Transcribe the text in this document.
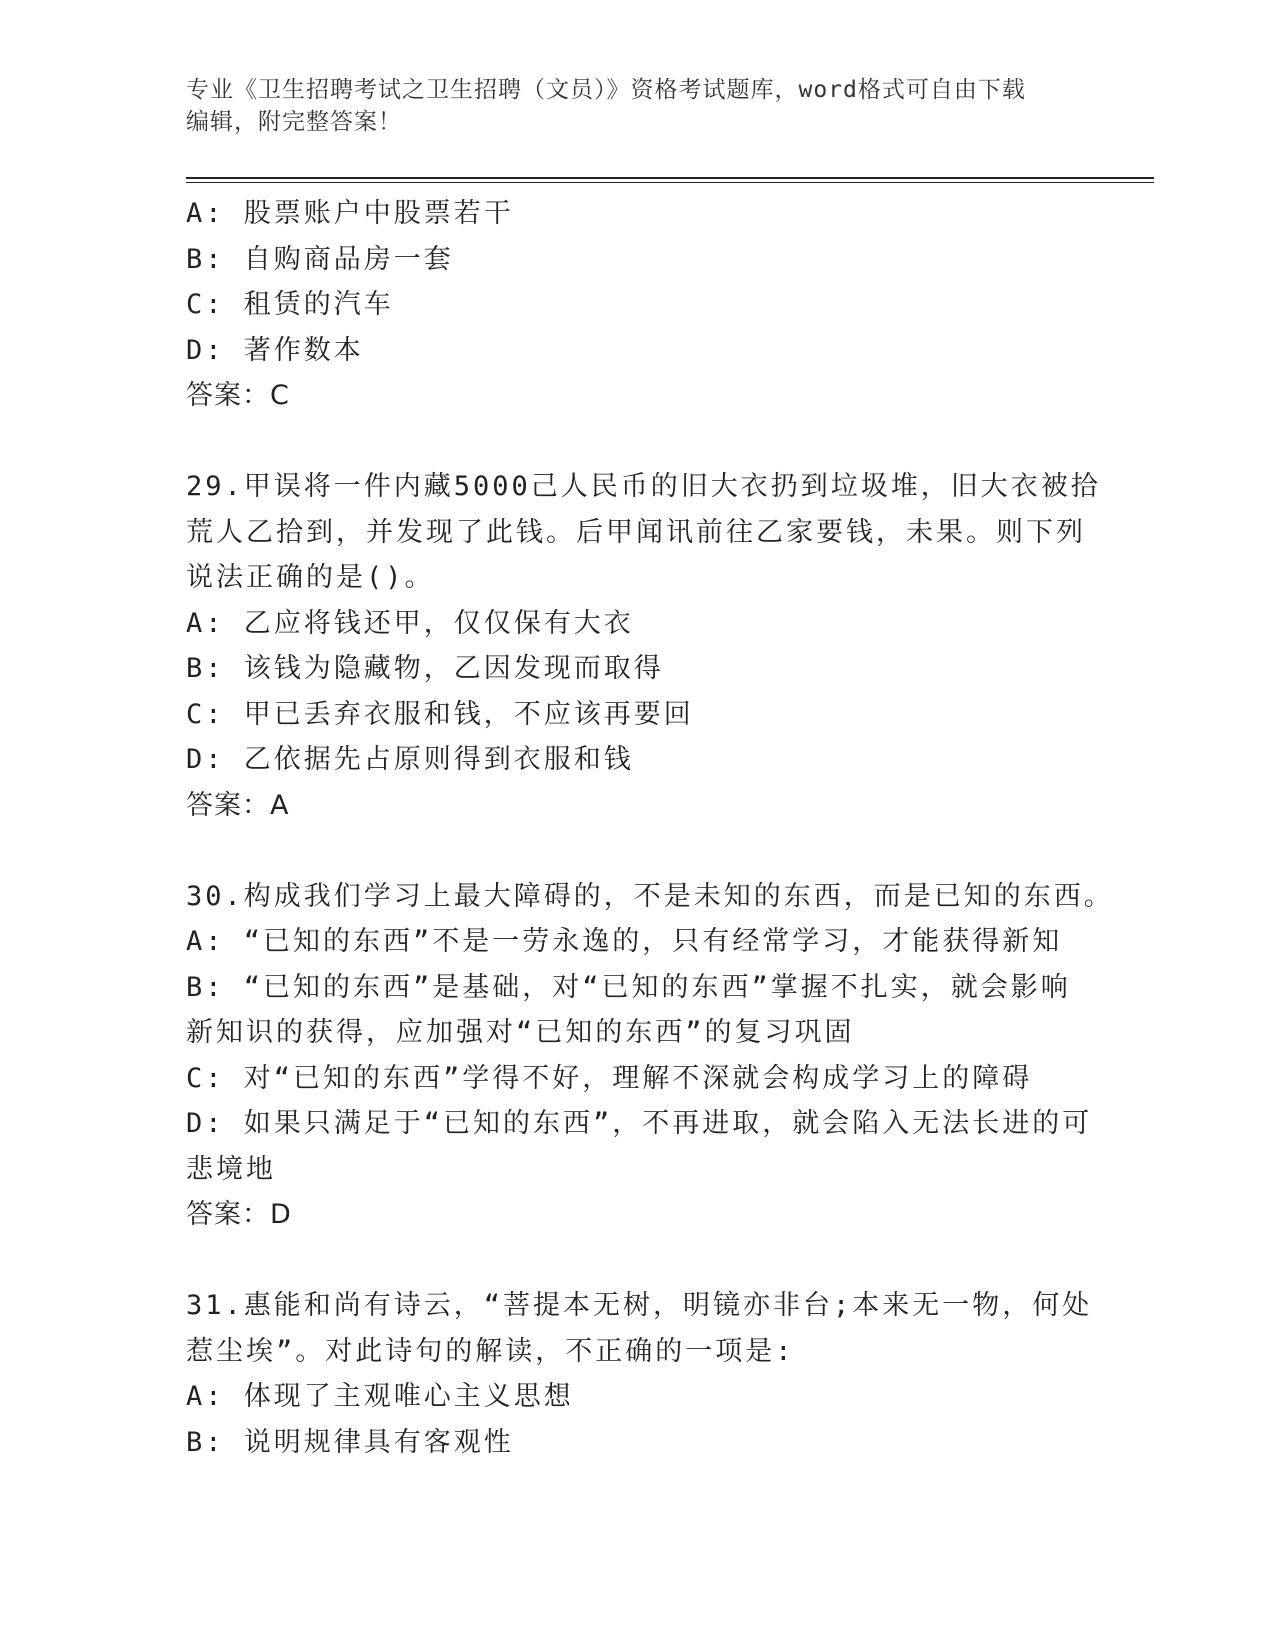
专业《卫生招聘考试之卫生招聘（文员）》资格考试题库，word格式可自由下载
编辑，附完整答案！
A: 股票账户中股票若干
B: 自购商品房一套
C: 租赁的汽车
D: 著作数本
答案：C
29.甲误将一件内藏5000己人民币的旧大衣扔到垃圾堆，旧大衣被拾
荒人乙拾到，并发现了此钱。后甲闻讯前往乙家要钱，未果。则下列
说法正确的是()。
A: 乙应将钱还甲，仅仅保有大衣
B: 该钱为隐藏物，乙因发现而取得
C: 甲已丢弃衣服和钱，不应该再要回
D: 乙依据先占原则得到衣服和钱
答案：A
30.构成我们学习上最大障碍的，不是未知的东西，而是已知的东西。
A: “已知的东西”不是一劳永逸的，只有经常学习，才能获得新知
B: “已知的东西”是基础，对“已知的东西”掌握不扎实，就会影响
新知识的获得，应加强对“已知的东西”的复习巩固
C: 对“已知的东西”学得不好，理解不深就会构成学习上的障碍
D: 如果只满足于“已知的东西”，不再进取，就会陷入无法长进的可
悲境地
答案：D
31.惠能和尚有诗云，“菩提本无树，明镜亦非台;本来无一物，何处
惹尘埃”。对此诗句的解读，不正确的一项是:
A: 体现了主观唯心主义思想
B: 说明规律具有客观性
